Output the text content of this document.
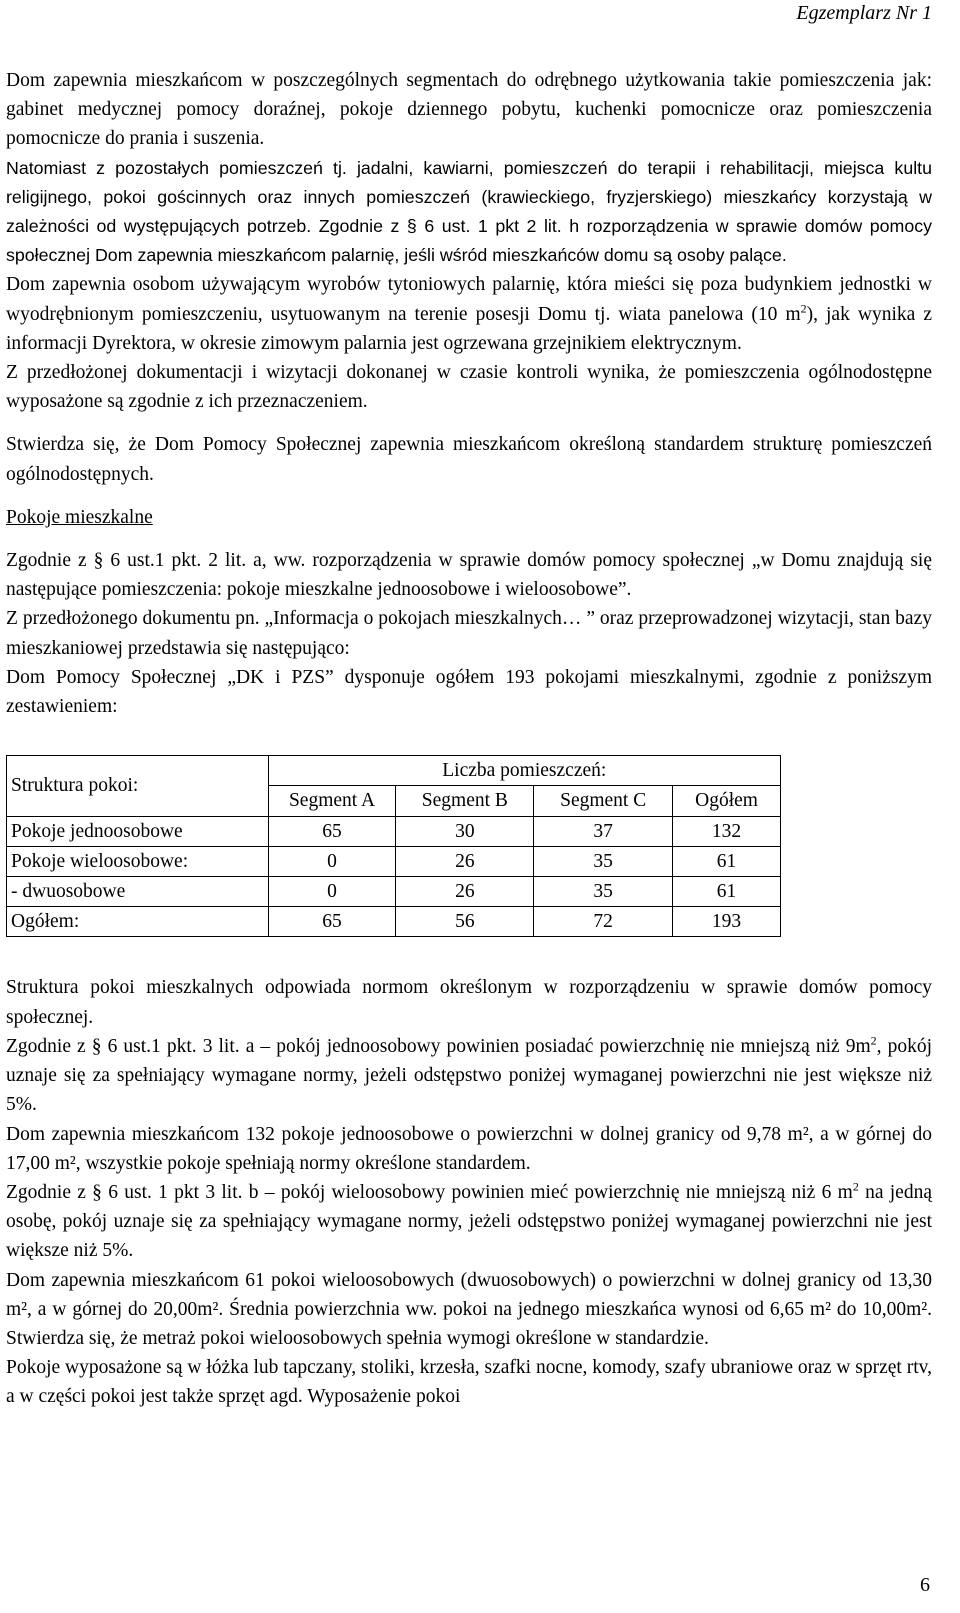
Egzemplarz Nr 1

Dom zapewnia mieszkańcom w poszczególnych segmentach do odrębnego użytkowania takie pomieszczenia jak: gabinet medycznej pomocy doraźnej, pokoje dziennego pobytu, kuchenki pomocnicze oraz pomieszczenia pomocnicze do prania i suszenia.

Natomiast z pozostałych pomieszczeń tj. jadalni, kawiarni, pomieszczeń do terapii i rehabilitacji, miejsca kultu religijnego, pokoi gościnnych oraz innych pomieszczeń (krawieckiego, fryzjerskiego) mieszkańcy korzystają w zależności od występujących potrzeb. Zgodnie z § 6 ust. 1 pkt 2 lit. h rozporządzenia w sprawie domów pomocy społecznej Dom zapewnia mieszkańcom palarnię, jeśli wśród mieszkańców domu są osoby palące.

Dom zapewnia osobom używającym wyrobów tytoniowych palarnię, która mieści się poza budynkiem jednostki w wyodrębnionym pomieszczeniu, usytuowanym na terenie posesji Domu tj. wiata panelowa (10 $m^2$), jak wynika z informacji Dyrektora, w okresie zimowym palarnia jest ogrzewana grzejnikiem elektrycznym.

Z przedłożonej dokumentacji i wizytacji dokonanej w czasie kontroli wynika, że pomieszczenia ogólnodostępne wyposażone są zgodnie z ich przeznaczeniem.

Stwierdza się, że Dom Pomocy Społecznej zapewnia mieszkańcom określoną standardem strukturę pomieszczeń ogólnodostępnych.

Pokoje mieszkalne

Zgodnie z § 6 ust.1 pkt. 2 lit. a, ww. rozporządzenia w sprawie domów pomocy społecznej „w Domu znajdują się następujące pomieszczenia: pokoje mieszkalne jednoosobowe i wieloosobowe”.

Z przedłożonego dokumentu pn. „Informacja o pokojach mieszkalnych… ” oraz przeprowadzonej wizytacji, stan bazy mieszkaniowej przedstawia się następująco:

Dom Pomocy Społecznej „DK i PZS” dysponuje ogółem 193 pokojami mieszkalnymi, zgodnie z poniższym zestawieniem:

Struktura pokoi:	Liczba pomieszczeń:			
	Segment A	Segment B	Segment C	Ogółem
Pokoje jednoosobowe	65	30	37	132
Pokoje wieloosobowe:	0	26	35	61
- dwuosobowe	0	26	35	61
Ogółem:	65	56	72	193

Struktura pokoi mieszkalnych odpowiada normom określonym w rozporządzeniu w sprawie domów pomocy społecznej.

Zgodnie z § 6 ust.1 pkt. 3 lit. a – pokój jednoosobowy powinien posiadać powierzchnię nie mniejszą niż $9m^2$, pokój uznaje się za spełniający wymagane normy, jeżeli odstępstwo poniżej wymaganej powierzchni nie jest większe niż 5%.

Dom zapewnia mieszkańcom 132 pokoje jednoosobowe o powierzchni w dolnej granicy od 9,78 m², a w górnej do 17,00 m², wszystkie pokoje spełniają normy określone standardem.

Zgodnie z § 6 ust. 1 pkt 3 lit. b – pokój wieloosobowy powinien mieć powierzchnię nie mniejszą niż 6 $m^2$ na jedną osobę, pokój uznaje się za spełniający wymagane normy, jeżeli odstępstwo poniżej wymaganej powierzchni nie jest większe niż 5%.

Dom zapewnia mieszkańcom 61 pokoi wieloosobowych (dwuosobowych) o powierzchni w dolnej granicy od 13,30 m², a w górnej do 20,00m². Średnia powierzchnia ww. pokoi na jednego mieszkańca wynosi od 6,65 m² do 10,00m². Stwierdza się, że metraż pokoi wieloosobowych spełnia wymogi określone w standardzie.

Pokoje wyposażone są w łóżka lub tapczany, stoliki, krzesła, szafki nocne, komody, szafy ubraniowe oraz w sprzęt rtv, a w części pokoi jest także sprzęt agd. Wyposażenie pokoi

6
